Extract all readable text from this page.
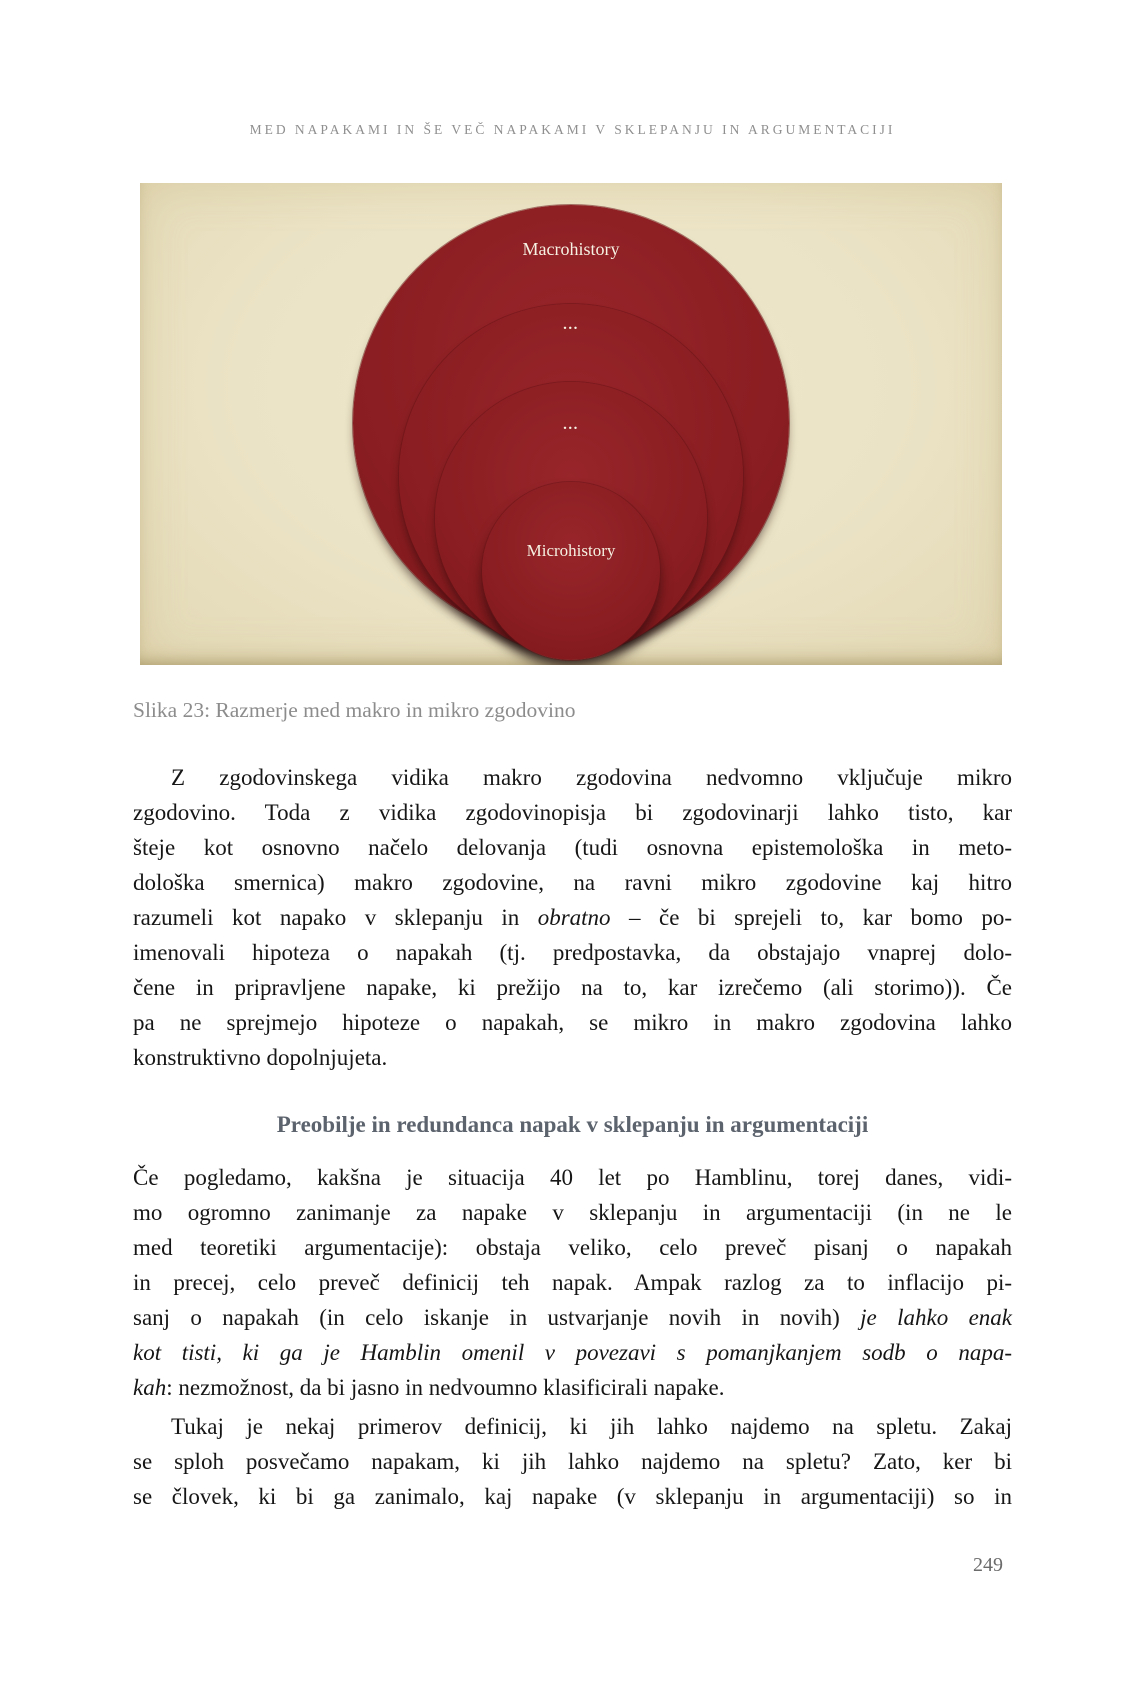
MED NAPAKAMI IN ŠE VEČ NAPAKAMI V SKLEPANJU IN ARGUMENTACIJI
Macrohistory
...
...
Microhistory
Slika 23: Razmerje med makro in mikro zgodovino
Z zgodovinskega vidika makro zgodovina nedvomno vključuje mikro
zgodovino. Toda z vidika zgodovinopisja bi zgodovinarji lahko tisto, kar
šteje kot osnovno načelo delovanja (tudi osnovna epistemološka in meto-
dološka smernica) makro zgodovine, na ravni mikro zgodovine kaj hitro
razumeli kot napako v sklepanju in obratno – če bi sprejeli to, kar bomo po-
imenovali hipoteza o napakah (tj. predpostavka, da obstajajo vnaprej dolo-
čene in pripravljene napake, ki prežijo na to, kar izrečemo (ali storimo)). Če
pa ne sprejmejo hipoteze o napakah, se mikro in makro zgodovina lahko
konstruktivno dopolnjujeta.
Preobilje in redundanca napak v sklepanju in argumentaciji
Če pogledamo, kakšna je situacija 40 let po Hamblinu, torej danes, vidi-
mo ogromno zanimanje za napake v sklepanju in argumentaciji (in ne le
med teoretiki argumentacije): obstaja veliko, celo preveč pisanj o napakah
in precej, celo preveč definicij teh napak. Ampak razlog za to inflacijo pi-
sanj o napakah (in celo iskanje in ustvarjanje novih in novih) je lahko enak
kot tisti, ki ga je Hamblin omenil v povezavi s pomanjkanjem sodb o napa-
kah: nezmožnost, da bi jasno in nedvoumno klasificirali napake.
Tukaj je nekaj primerov definicij, ki jih lahko najdemo na spletu. Zakaj
se sploh posvečamo napakam, ki jih lahko najdemo na spletu? Zato, ker bi
se človek, ki bi ga zanimalo, kaj napake (v sklepanju in argumentaciji) so in
249
